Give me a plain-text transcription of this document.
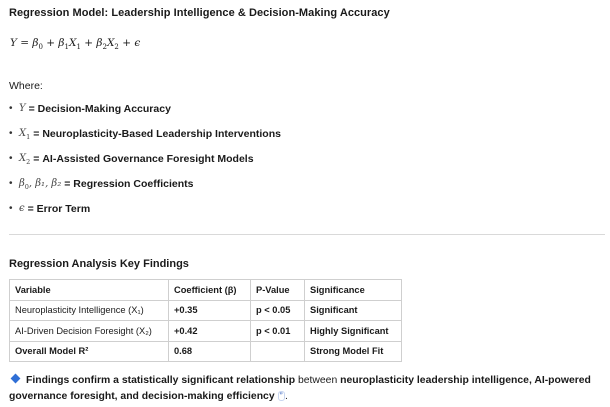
Regression Model: Leadership Intelligence & Decision-Making Accuracy
$Y = \beta_0 + \beta_1X_1 + \beta_2X_2 + \epsilon$
Where:
• Y =
Decision-Making Accuracy
• $X_1$ =
Neuroplasticity-Based Leadership Interventions
• $X_2$ =
AI-Assisted Governance Foresight Models
• $\beta_0$, β₁, β₂ =
Regression Coefficients
• ϵ =
Error Term
Regression Analysis Key Findings
Variable	Coefficient (β)	P-Value	Significance
Neuroplasticity Intelligence (X₁)	+0.35	p < 0.05	Significant
AI-Driven Decision Foresight (X₂)	+0.42	p < 0.01	Highly Significant
Overall Model R²	0.68		Strong Model Fit
Findings confirm a statistically significant relationship between neuroplasticity leadership intelligence, AI-powered governance foresight, and decision-making efficiency ❞ .
